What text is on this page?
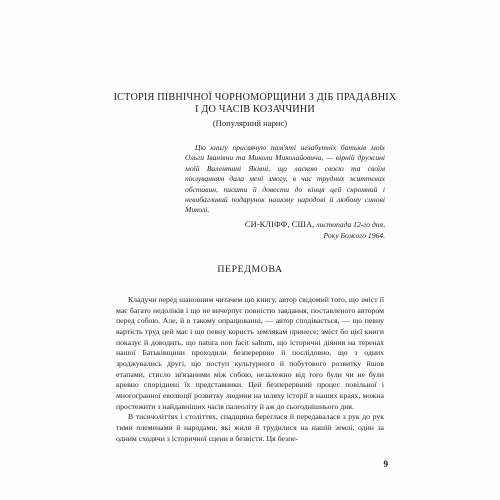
ІСТОРІЯ ПІВНІЧНОЇ ЧОРНОМОРЩИНИ З ДІБ ПРАДАВНІХ
І ДО ЧАСІВ КОЗАЧЧИНИ
(Популярний нарис)

Цю книгу присвячую пам'яті незабутніх батьків моїх Ольги Іванівни та Миколи Миколайовича, — вірній дружині моїй Валентині Яківні, що ласкою своєю та своїм піклуванням дала мені змогу, в час трудних життєвих обставин, писати й довести до кінця цей скромний і невибагливий подарунок нашому народові й любому синові Миколі.

СИ-КЛІФФ, США, листопада 12-го дня,
Року Божого 1964.
ПЕРЕДМОВА

Кладучи перед шановним читачем цю книгу, автор свідомий того, що зміст її має багато недоліків і що не вичерпує повністю завдання, поставленого автором перед собою. Але, й в такому опрацюванні, — автор сподівається, — що певну вартість труд цей має і що певну користь землякам принесе; зміст бо цієї книги показує й доводить, що natura non facit saltum, що історичні діяння на теренах нашої Батьківщини проходили безперервно й послідовно, що з одних зроджувались другі, що поступ культурного й побутового розвитку йшов етапами, стисло зв'язаними між собою, незалежно від того були чи не були кревно споріднені їх представники. Цей безперервний процес повільної і многогранної еволюції розвитку людини на шляху історії в наших краях, можна простежити з найдавніших часів палеоліту й аж до сьогоднішнього дня.

В тисячоліттях і століттях, спадщина береглася й передавалася з рук до рук тими племенами й народами, які жили й трудилися на нашій землі, один за одним сходячи з історичної сцени в безвісти. Ця безпе-

9
